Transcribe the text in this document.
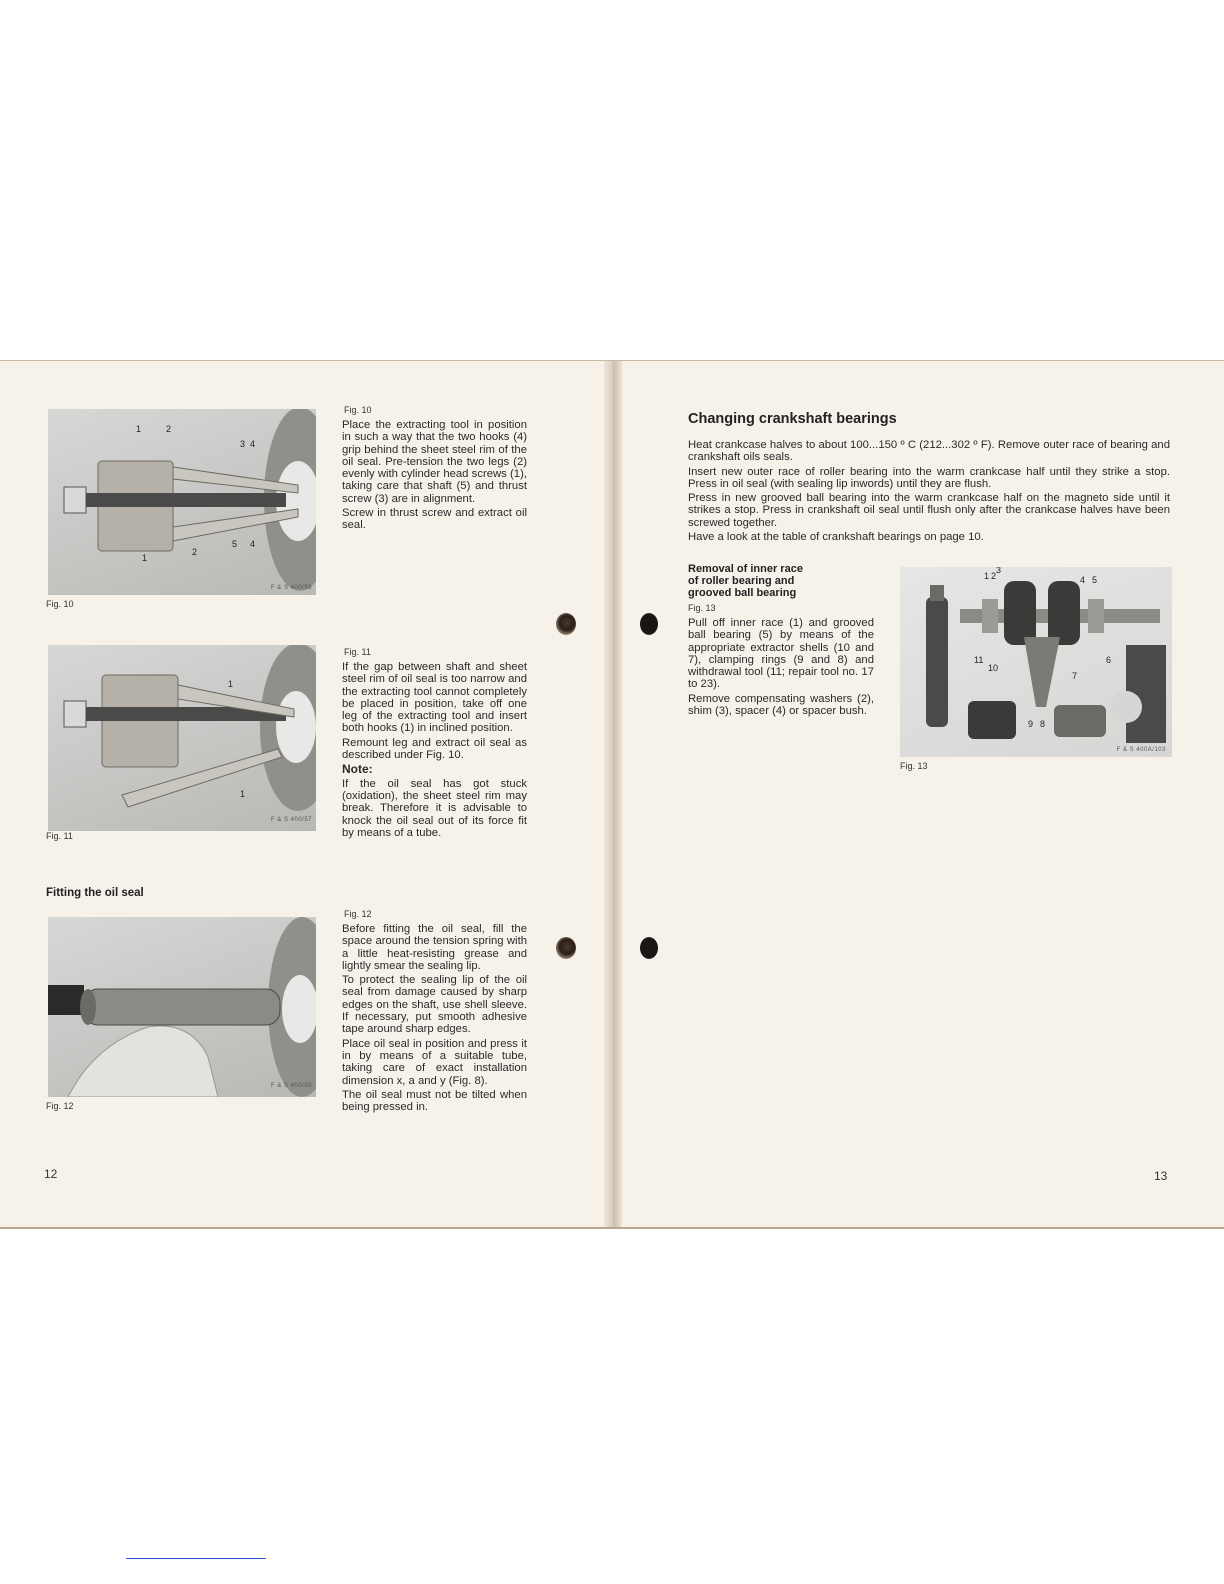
1	2
3 4
5 4
2
1
F & S 400/58
Fig. 10
Fig. 10

Place the extracting tool in position in such a way that the two hooks (4) grip behind the sheet steel rim of the oil seal. Pre-tension the two legs (2) evenly with cylinder head screws (1), taking care that shaft (5) and thrust screw (3) are in alignment.

Screw in thrust screw and extract oil seal.

1
1
F & S 400/57
Fig. 11
Fig. 11

If the gap between shaft and sheet steel rim of oil seal is too narrow and the extracting tool cannot completely be placed in position, take off one leg of the extracting tool and insert both hooks (1) in inclined position.

Remount leg and extract oil seal as described under Fig. 10.

Note:

If the oil seal has got stuck (oxidation), the sheet steel rim may break. Therefore it is advisable to knock the oil seal out of its force fit by means of a tube.

Fitting the oil seal
F & S 400/59
Fig. 12
Fig. 12

Before fitting the oil seal, fill the space around the tension spring with a little heat-resisting grease and lightly smear the sealing lip.

To protect the sealing lip of the oil seal from damage caused by sharp edges on the shaft, use shell sleeve. If necessary, put smooth adhesive tape around sharp edges.

Place oil seal in position and press it in by means of a suitable tube, taking care of exact installation dimension x, a and y (Fig. 8).

The oil seal must not be tilted when being pressed in.

12
Changing crankshaft bearings

Heat crankcase halves to about 100...150 º C (212...302 º F). Remove outer race of bearing and crankshaft oils seals.

Insert new outer race of roller bearing into the warm crankcase half until they strike a stop. Press in oil seal (with sealing lip inwords) until they are flush.

Press in new grooved ball bearing into the warm crankcase half on the magneto side until it strikes a stop. Press in crankshaft oil seal until flush only after the crankcase halves have been screwed together.

Have a look at the table of crankshaft bearings on page 10.

Removal of inner race
of roller bearing and
grooved ball bearing
Fig. 13

Pull off inner race (1) and grooved ball bearing (5) by means of the appropriate extractor shells (10 and 7), clamping rings (9 and 8) and withdrawal tool (11; repair tool no. 17 to 23).

Remove compensating washers (2), shim (3), spacer (4) or spacer bush.

1 2
3
4 5
6
7
8
9
10
11
F & S 400A/103
Fig. 13
13
